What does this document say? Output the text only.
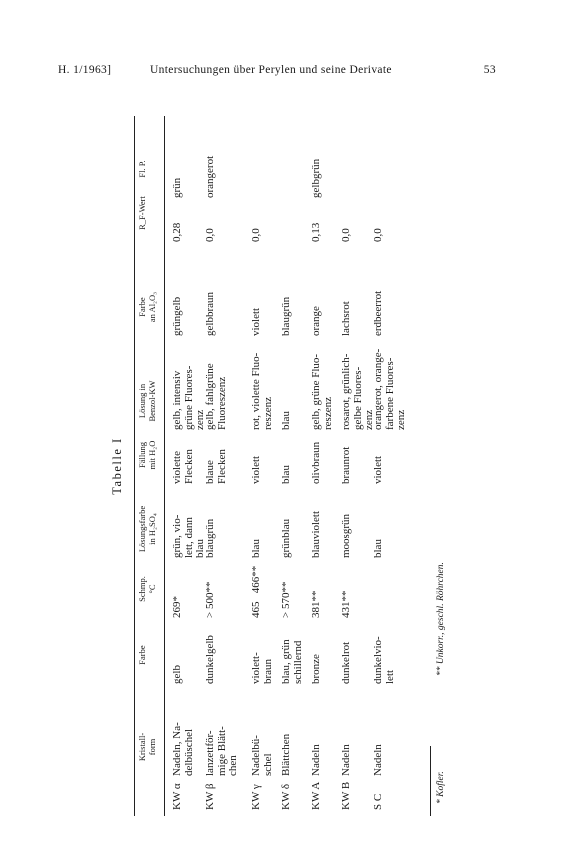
H. 1/1963]	Untersuchungen über Perylen und seine Derivate	53
Tabelle I
Kristall-
form
Farbe
Schmp.
°C
Lösungsfarbe
in H₂SO₄
Fällung
mit H₂O
Lösung in
Benzol-KW
Farbe
an Al₂O₃
R_F-Wert
Fl. P.
KW α
Nadeln, Na-
delbüschel
gelb
269*
grün, vio-
lett, dann
blau
violette
Flecken
gelb, intensiv
grüne Fluores-
zenz
grüngelb
0,28
grün
KW β
lanzettför-
mige Blätt-
chen
dunkelgelb
> 500**
blaugrün
blaue
Flecken
gelb, fahlgrüne
Fluoreszenz
gelbbraun
0,0
orangerot
KW γ
Nadelbü-
schel
violett-
braun
465   466**
blau
violett
rot, violette Fluo-
reszenz
violett
0,0
KW δ
Blättchen
blau, grün
schillernd
> 570**
grünblau
blau
blau
blaugrün
KW A
Nadeln
bronze
381**
blauviolett
olivbraun
gelb, grüne Fluo-
reszenz
orange
0,13
gelbgrün
KW B
Nadeln
dunkelrot
431**
moosgrün
braunrot
rosarot, grünlich-
gelbe Fluores-
zenz
lachsrot
0,0
S C
Nadeln
dunkelvio-
lett
blau
violett
orangerot, orange-
farbene Fluores-
zenz
erdbeerrot
0,0
* Kofler.
** Unkorr., geschl. Röhrchen.
